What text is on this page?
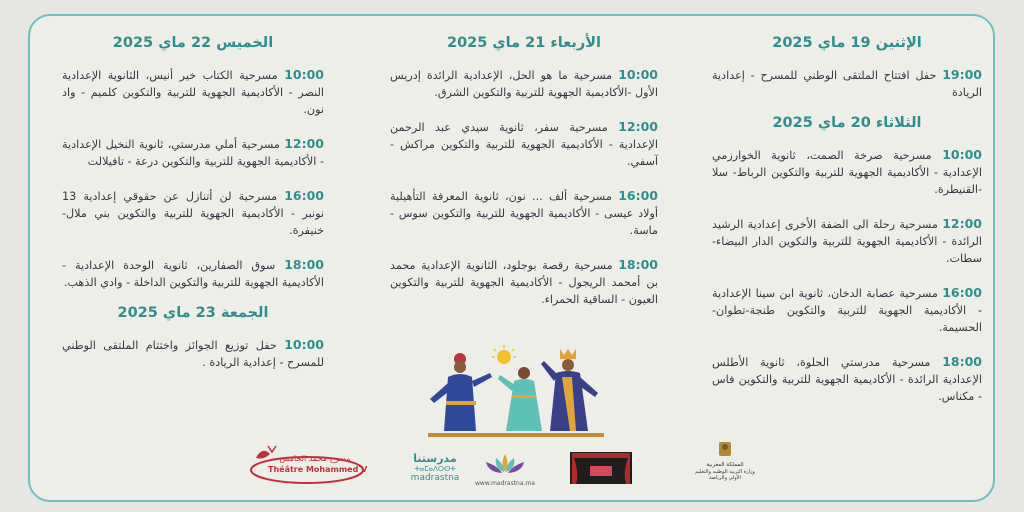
الإثنين 19 ماي 2025
19:00 حفل افتتاح الملتقى الوطني للمسرح - إعدادية الريادة
الثلاثاء 20 ماي 2025
10:00 مسرحية صرخة الصمت، ثانوية الخوارزمي الإعدادية - الأكاديمية الجهوية للتربية والتكوين الرباط- سلا -القنيطرة.
12:00 مسرحية رحلة الى الضفة الأخرى إعدادية الرشيد الرائدة - الأكاديمية الجهوية للتربية والتكوين الدار البيضاء- سطات.
16:00 مسرحية عصابة الدخان، ثانوية ابن سينا الإعدادية - الأكاديمية الجهوية للتربية والتكوين طنجة-تطوان-الحسيمة.
18:00 مسرحية مدرستي الحلوة، ثانوية الأطلس الإعدادية الرائدة - الأكاديمية الجهوية للتربية والتكوين فاس - مكناس.
الأربعاء 21 ماي 2025
10:00 مسرحية ما هو الحل، الإعدادية الرائدة إدريس الأول -الأكاديمية الجهوية للتربية والتكوين الشرق.
12:00 مسرحية سفر، ثانوية سيدي عبد الرحمن الإعدادية - الأكاديمية الجهوية للتربية والتكوين مراكش - آسفي.
16:00 مسرحية ألف ... نون، ثانوية المعرفة التأهيلية أولاد عيسى - الأكاديمية الجهوية للتربية والتكوين سوس - ماسة.
18:00 مسرحية رقصة بوجلود، الثانوية الإعدادية محمد بن أمحمد الريجول - الأكاديمية الجهوية للتربية والتكوين العيون - الساقية الحمراء.
الخميس 22 ماي 2025
10:00 مسرحية الكتاب خير أنيس، الثانوية الإعدادية النصر - الأكاديمية الجهوية للتربية والتكوين كلميم - واد نون.
12:00 مسرحية أملي مدرستي، ثانوية النخيل الإعدادية - الأكاديمية الجهوية للتربية والتكوين درعة - تافيلالت
16:00 مسرحية لن أتنازل عن حقوقي إعدادية 13 نونبر - الأكاديمية الجهوية للتربية والتكوين بني ملال- خنيفرة.
18:00 سوق الصفارين، ثانوية الوحدة الإعدادية - الأكاديمية الجهوية للتربية والتكوين الداخلة - وادي الذهب.
الجمعة 23 ماي 2025
10:00 حفل توزيع الجوائز واختتام الملتقى الوطني للمسرح - إعدادية الريادة .
مسرح محمد الخامس
Théâtre Mohammed V
مدرستنا
ⵜⴰⵎⴰⴷⵔⵙⵜ
madrastna
www.madrastna.ma
المملكة المغربية
وزارة التربية الوطنية والتعليم الأولي والرياضة
